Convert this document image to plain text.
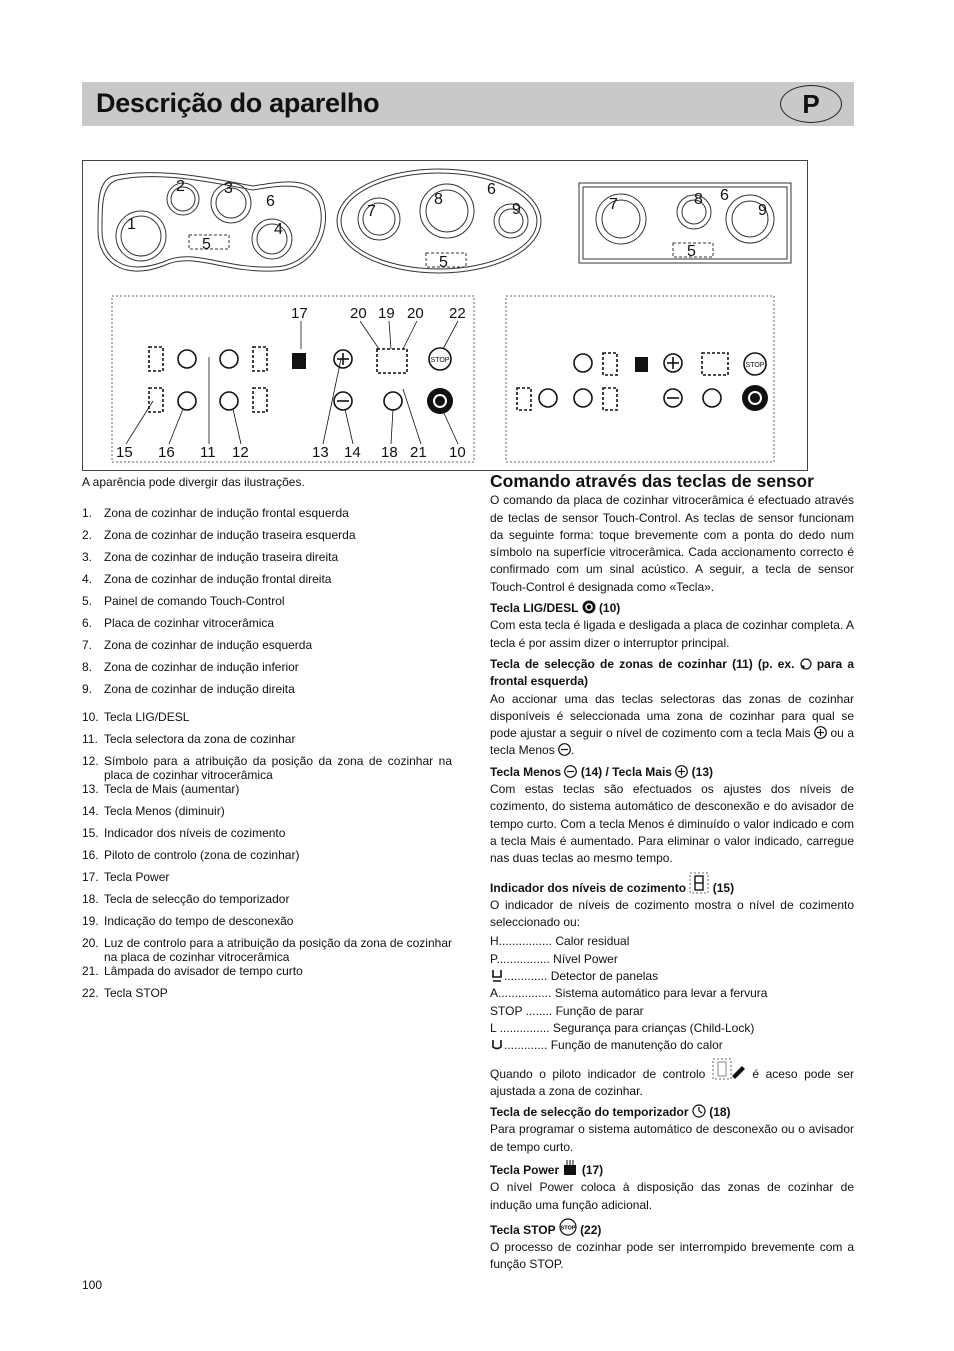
Descrição do aparelho	P
1
2 3
4
5
6
7
8
9
5
6
7	8
9
5
6
STOP
17	20 19 20 22
15 16 11 12	13 14 18 21 10
STOP
A aparência pode divergir das ilustrações.
1. Zona de cozinhar de indução frontal esquerda
2. Zona de cozinhar de indução traseira esquerda
3. Zona de cozinhar de indução traseira direita
4. Zona de cozinhar de indução frontal direita
5. Painel de comando Touch-Control
6. Placa de cozinhar vitrocerâmica
7. Zona de cozinhar de indução esquerda
8. Zona de cozinhar de indução inferior
9. Zona de cozinhar de indução direita
10. Tecla LIG/DESL
11. Tecla selectora da zona de cozinhar
12. Símbolo para a atribuição da posição da zona de cozinhar na placa de cozinhar vitrocerâmica
13. Tecla de Mais (aumentar)
14. Tecla Menos (diminuir)
15. Indicador dos níveis de cozimento
16. Piloto de controlo (zona de cozinhar)
17. Tecla Power
18. Tecla de selecção do temporizador
19. Indicação do tempo de desconexão
20. Luz de controlo para a atribuição da posição da zona de cozinhar na placa de cozinhar vitrocerâmica
21. Lâmpada do avisador de tempo curto
22. Tecla STOP
Comando através das teclas de sensor

O comando da placa de cozinhar vitrocerâmica é efectuado através de teclas de sensor Touch-Control. As teclas de sensor funcionam da seguinte forma: toque brevemente com a ponta do dedo num símbolo na superfície vitrocerâmica. Cada accionamento correcto é confirmado com um sinal acústico. A seguir, a tecla de sensor Touch-Control é designada como «Tecla».

Tecla LIG/DESL (10)

Com esta tecla é ligada e desligada a placa de cozinhar completa. A tecla é por assim dizer o interruptor principal.

Tecla de selecção de zonas de cozinhar (11) (p. ex. para a frontal esquerda)

Ao accionar uma das teclas selectoras das zonas de cozinhar disponíveis é seleccionada uma zona de cozinhar para qual se pode ajustar a seguir o nível de cozimento com a tecla Mais ou a tecla Menos .

Tecla Menos (14) / Tecla Mais (13)

Com estas teclas são efectuados os ajustes dos níveis de cozimento, do sistema automático de desconexão e do avisador de tempo curto. Com a tecla Menos é diminuído o valor indicado e com a tecla Mais é aumentado. Para eliminar o valor indicado, carregue nas duas teclas ao mesmo tempo.

Indicador dos níveis de cozimento (15)

O indicador de níveis de cozimento mostra o nível de cozimento seleccionado ou:

H................ Calor residual
P................ Nível Power
............. Detector de panelas
A................ Sistema automático para levar a fervura
STOP ........ Função de parar
L ............... Segurança para crianças (Child-Lock)
............. Função de manutenção do calor

Quando o piloto indicador de controlo	é aceso pode ser ajustada a zona de cozinhar.

Tecla de selecção do temporizador (18)

Para programar o sistema automático de desconexão ou o avisador de tempo curto.

Tecla Power (17)

O nível Power coloca à disposição das zonas de cozinhar de indução uma função adicional.

Tecla STOP STOP (22)

O processo de cozinhar pode ser interrompido brevemente com a função STOP.

100
